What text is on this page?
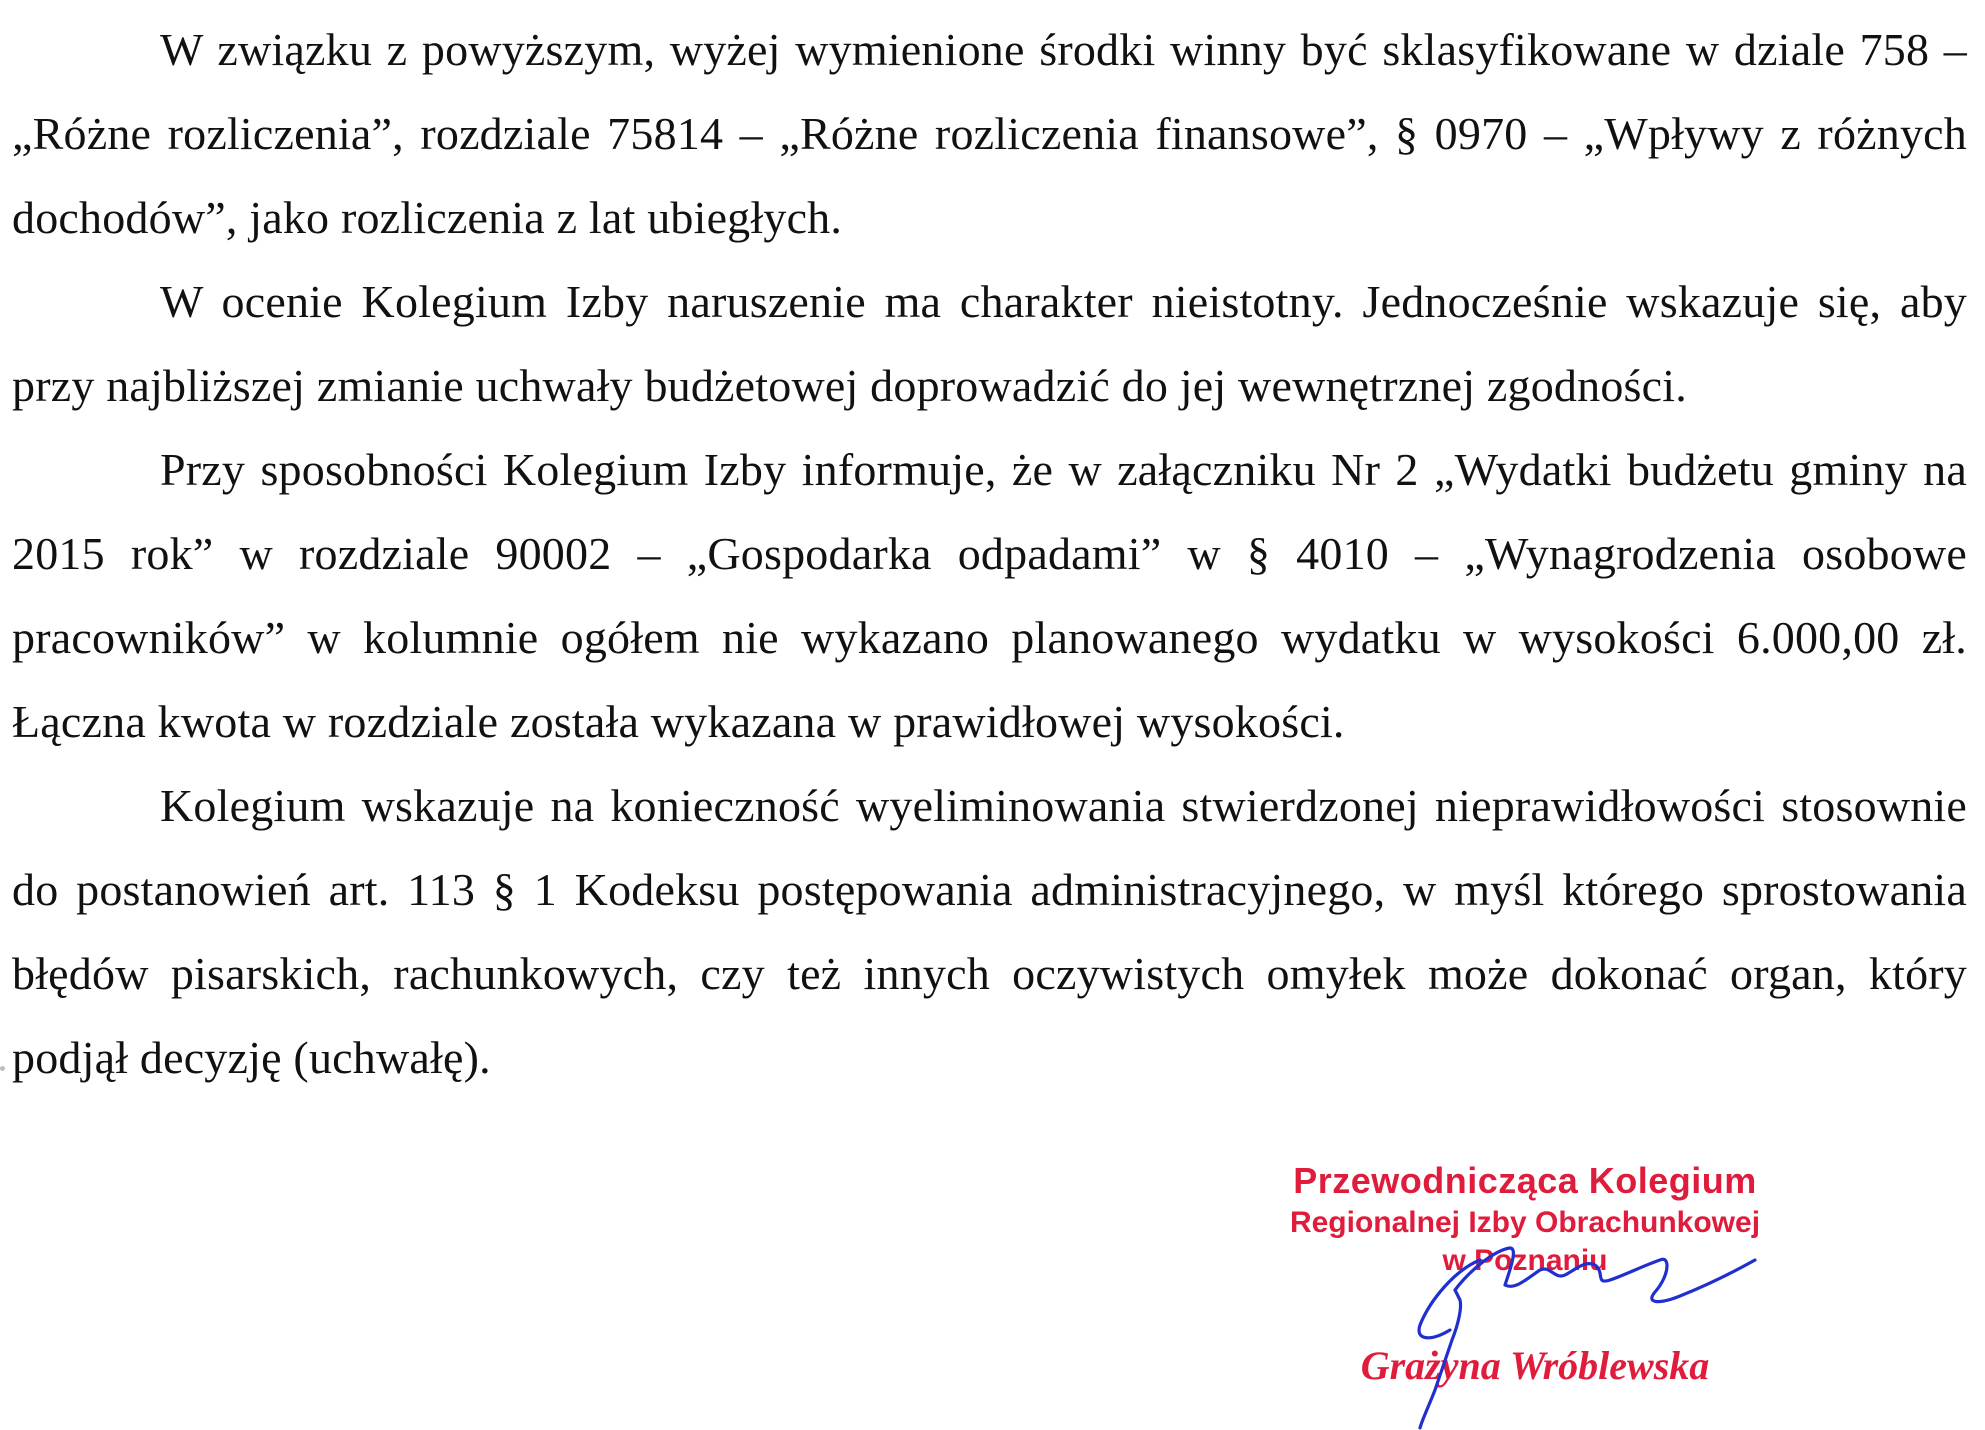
W związku z powyższym, wyżej wymienione środki winny być sklasyfikowane w dziale 758 – „Różne rozliczenia”, rozdziale 75814 – „Różne rozliczenia finansowe”, § 0970 – „Wpływy z różnych dochodów”, jako rozliczenia z lat ubiegłych.

W ocenie Kolegium Izby naruszenie ma charakter nieistotny. Jednocześnie wskazuje się, aby przy najbliższej zmianie uchwały budżetowej doprowadzić do jej wewnętrznej zgodności.

Przy sposobności Kolegium Izby informuje, że w załączniku Nr 2 „Wydatki budżetu gminy na 2015 rok” w rozdziale 90002 – „Gospodarka odpadami” w § 4010 – „Wynagrodzenia osobowe pracowników” w kolumnie ogółem nie wykazano planowanego wydatku w wysokości 6.000,00 zł. Łączna kwota w rozdziale została wykazana w prawidłowej wysokości.

Kolegium wskazuje na konieczność wyeliminowania stwierdzonej nieprawidłowości stosownie do postanowień art. 113 § 1 Kodeksu postępowania administracyjnego, w myśl którego sprostowania błędów pisarskich, rachunkowych, czy też innych oczywistych omyłek może dokonać organ, który podjął decyzję (uchwałę).

Przewodnicząca Kolegium
Regionalnej Izby Obrachunkowej
w Poznaniu
Grażyna Wróblewska
